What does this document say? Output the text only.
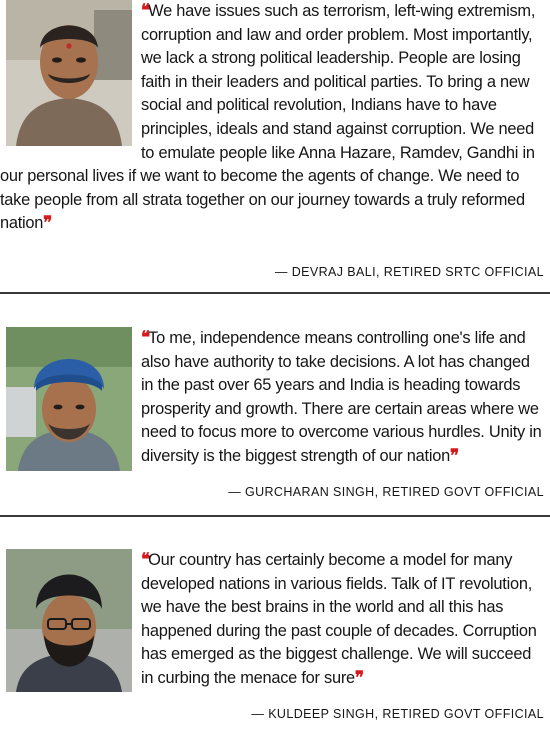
❝We have issues such as terrorism, left-wing extremism, corruption and law and order problem. Most importantly, we lack a strong political leadership. People are losing faith in their leaders and political parties. To bring a new social and political revolution, Indians have to have principles, ideals and stand against corruption. We need to emulate people like Anna Hazare, Ramdev, Gandhi in our personal lives if we want to become the agents of change. We need to take people from all strata together on our journey towards a truly reformed nation❞

— DEVRAJ BALI, RETIRED SRTC OFFICIAL

❝To me, independence means controlling one's life and also have authority to take decisions. A lot has changed in the past over 65 years and India is heading towards prosperity and growth. There are certain areas where we need to focus more to overcome various hurdles. Unity in diversity is the biggest strength of our nation❞

— GURCHARAN SINGH, RETIRED GOVT OFFICIAL

❝Our country has certainly become a model for many developed nations in various fields. Talk of IT revolution, we have the best brains in the world and all this has happened during the past couple of decades. Corruption has emerged as the biggest challenge. We will succeed in curbing the menace for sure❞

— KULDEEP SINGH, RETIRED GOVT OFFICIAL
